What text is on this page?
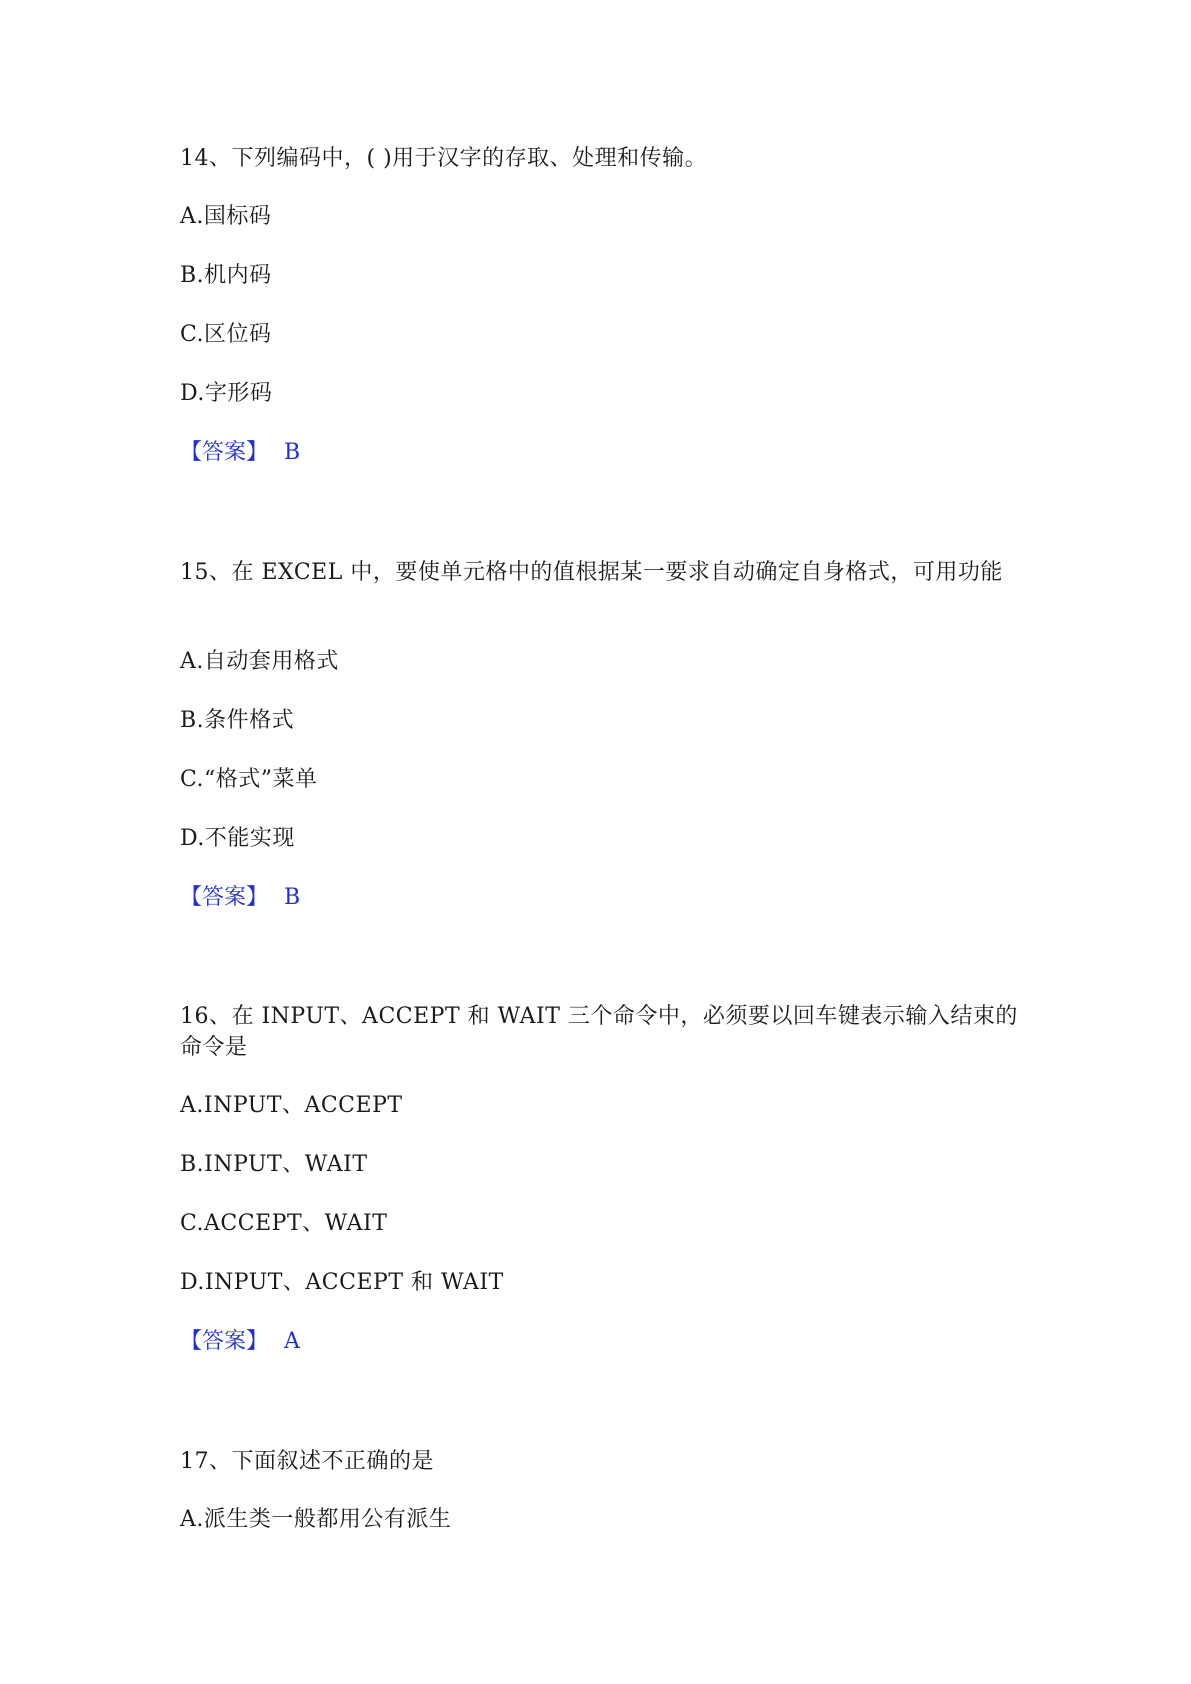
14、下列编码中，( )用于汉字的存取、处理和传输。

A.国标码

B.机内码

C.区位码

D.字形码

【答案】 B

15、在 EXCEL 中，要使单元格中的值根据某一要求自动确定自身格式，可用功能

A.自动套用格式

B.条件格式

C.“格式”菜单

D.不能实现

【答案】 B

16、在 INPUT、ACCEPT 和 WAIT 三个命令中，必须要以回车键表示输入结束的命令是

A.INPUT、ACCEPT

B.INPUT、WAIT

C.ACCEPT、WAIT

D.INPUT、ACCEPT 和 WAIT

【答案】 A

17、下面叙述不正确的是

A.派生类一般都用公有派生
